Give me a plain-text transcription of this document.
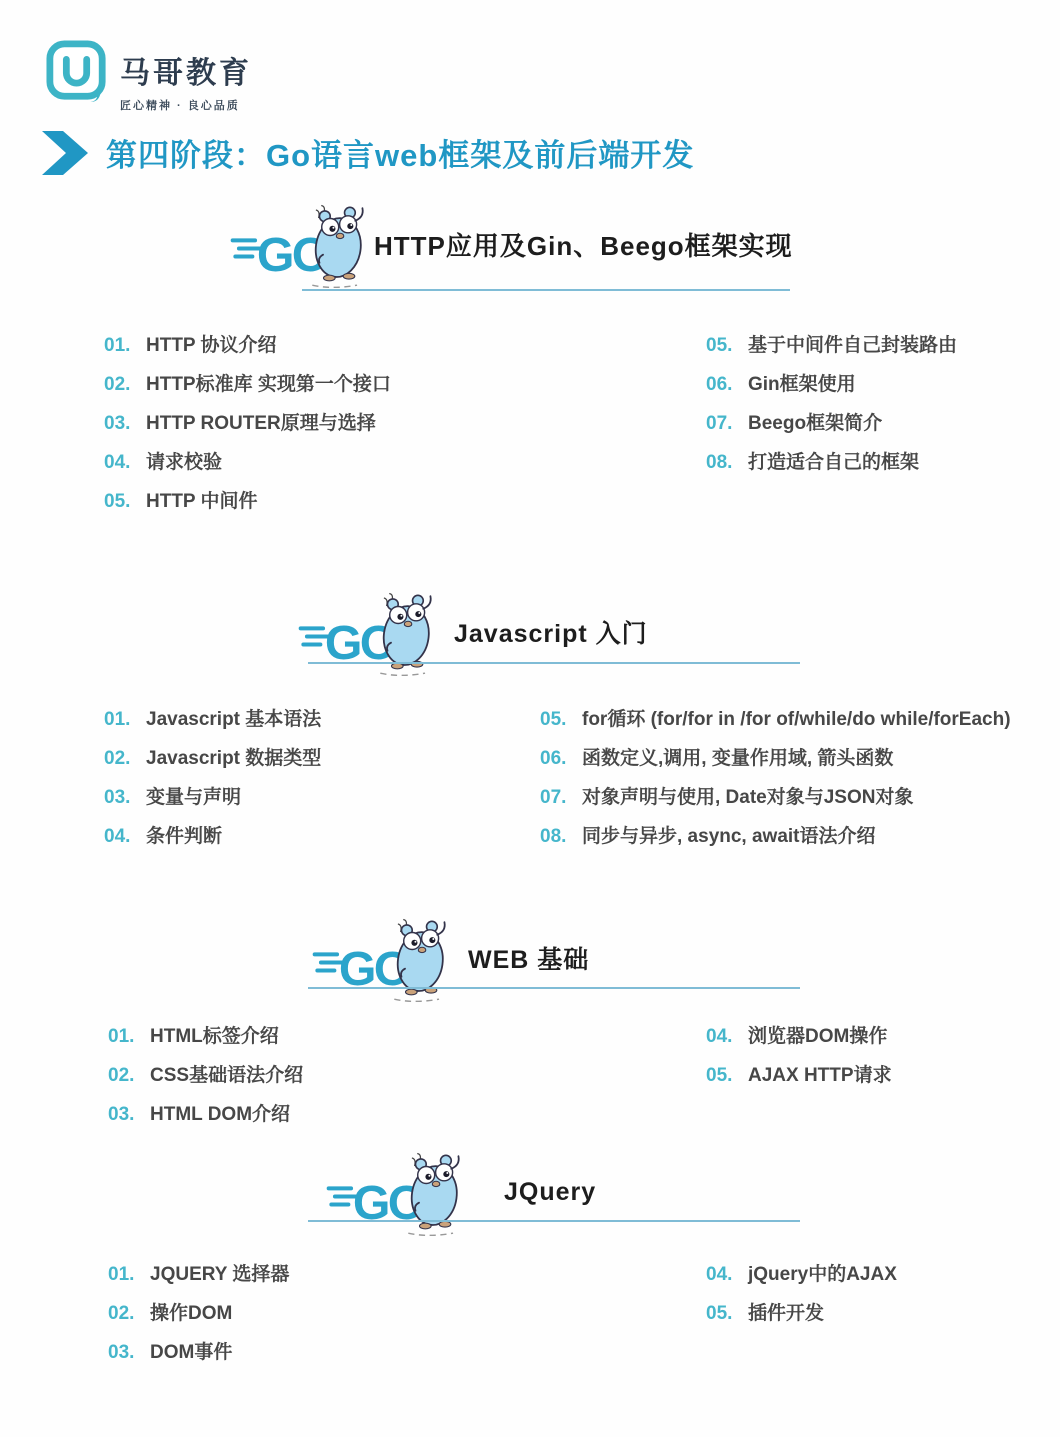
马哥教育
匠心精神 · 良心品质
第四阶段：Go语言web框架及前后端开发
HTTP应用及Gin、Beego框架实现
01. HTTP 协议介绍
02. HTTP标准库 实现第一个接口
03. HTTP ROUTER原理与选择
04. 请求校验
05. HTTP 中间件
05. 基于中间件自己封装路由
06. Gin框架使用
07. Beego框架简介
08. 打造适合自己的框架
Javascript 入门
01. Javascript 基本语法
02. Javascript 数据类型
03. 变量与声明
04. 条件判断
05. for循环 (for/for in /for of/while/do while/forEach)
06. 函数定义,调用, 变量作用域, 箭头函数
07. 对象声明与使用, Date对象与JSON对象
08. 同步与异步, async, await语法介绍
WEB 基础
01. HTML标签介绍
02. CSS基础语法介绍
03. HTML DOM介绍
04. 浏览器DOM操作
05. AJAX HTTP请求
JQuery
01. JQUERY 选择器
02. 操作DOM
03. DOM事件
04. jQuery中的AJAX
05. 插件开发
